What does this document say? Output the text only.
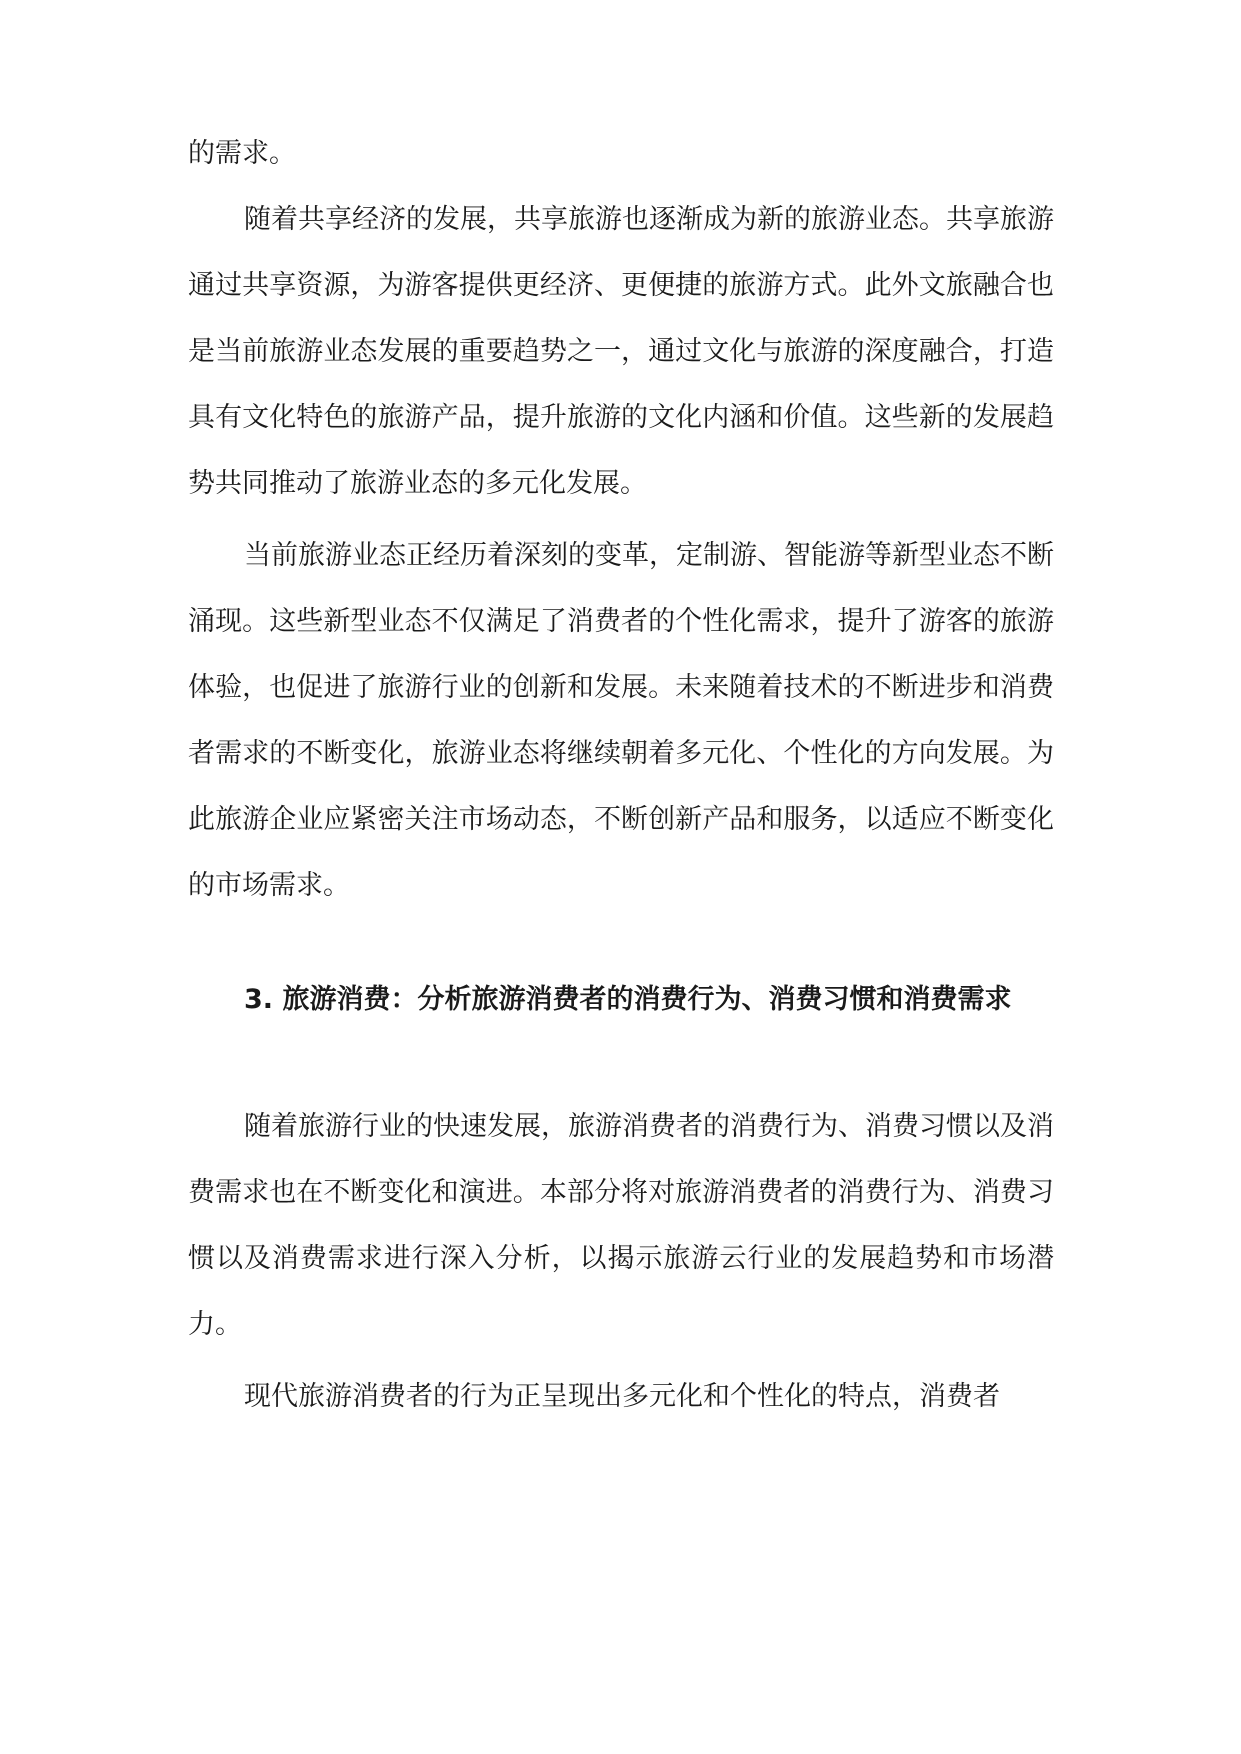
的需求。

随着共享经济的发展，共享旅游也逐渐成为新的旅游业态。共享旅游通过共享资源，为游客提供更经济、更便捷的旅游方式。此外文旅融合也是当前旅游业态发展的重要趋势之一，通过文化与旅游的深度融合，打造具有文化特色的旅游产品，提升旅游的文化内涵和价值。这些新的发展趋势共同推动了旅游业态的多元化发展。

当前旅游业态正经历着深刻的变革，定制游、智能游等新型业态不断涌现。这些新型业态不仅满足了消费者的个性化需求，提升了游客的旅游体验，也促进了旅游行业的创新和发展。未来随着技术的不断进步和消费者需求的不断变化，旅游业态将继续朝着多元化、个性化的方向发展。为此旅游企业应紧密关注市场动态，不断创新产品和服务，以适应不断变化的市场需求。

3. 旅游消费：分析旅游消费者的消费行为、消费习惯和消费需求

随着旅游行业的快速发展，旅游消费者的消费行为、消费习惯以及消费需求也在不断变化和演进。本部分将对旅游消费者的消费行为、消费习惯以及消费需求进行深入分析，以揭示旅游云行业的发展趋势和市场潜力。

现代旅游消费者的行为正呈现出多元化和个性化的特点，消费者
